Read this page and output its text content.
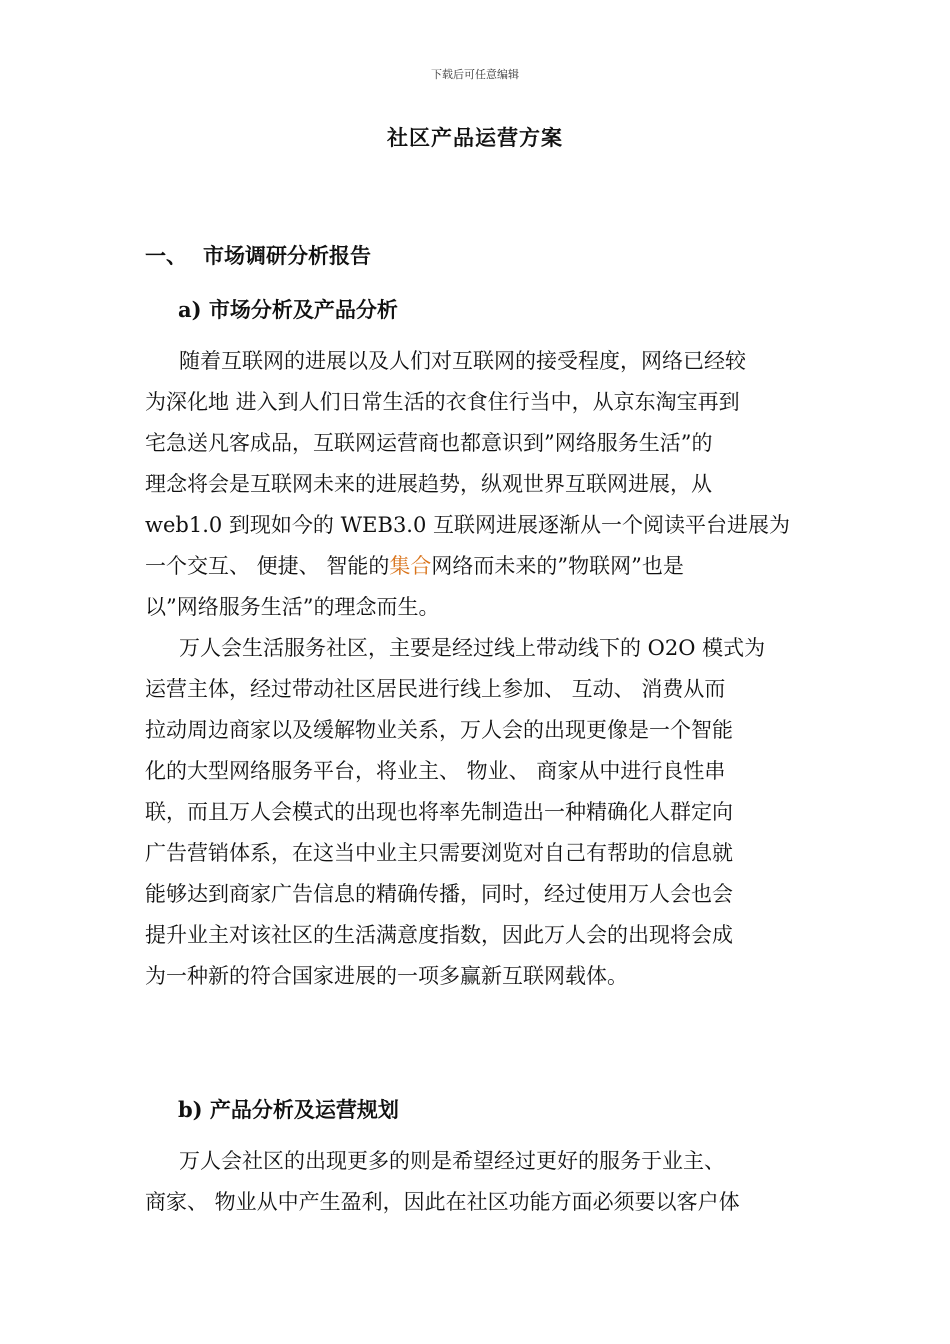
下载后可任意编辑
社区产品运营方案
一、 市场调研分析报告
a) 市场分析及产品分析
随着互联网的进展以及人们对互联网的接受程度，网络已经较
为深化地 进入到人们日常生活的衣食住行当中，从京东淘宝再到
宅急送凡客成品，互联网运营商也都意识到”网络服务生活”的
理念将会是互联网未来的进展趋势，纵观世界互联网进展，从
web1.0 到现如今的 WEB3.0 互联网进展逐渐从一个阅读平台进展为
一个交互、 便捷、 智能的集合网络而未来的”物联网”也是
以”网络服务生活”的理念而生。
万人会生活服务社区，主要是经过线上带动线下的 O2O 模式为
运营主体，经过带动社区居民进行线上参加、 互动、 消费从而
拉动周边商家以及缓解物业关系，万人会的出现更像是一个智能
化的大型网络服务平台，将业主、 物业、 商家从中进行良性串
联，而且万人会模式的出现也将率先制造出一种精确化人群定向
广告营销体系，在这当中业主只需要浏览对自己有帮助的信息就
能够达到商家广告信息的精确传播，同时，经过使用万人会也会
提升业主对该社区的生活满意度指数，因此万人会的出现将会成
为一种新的符合国家进展的一项多赢新互联网载体。
b) 产品分析及运营规划
万人会社区的出现更多的则是希望经过更好的服务于业主、
商家、 物业从中产生盈利，因此在社区功能方面必须要以客户体
